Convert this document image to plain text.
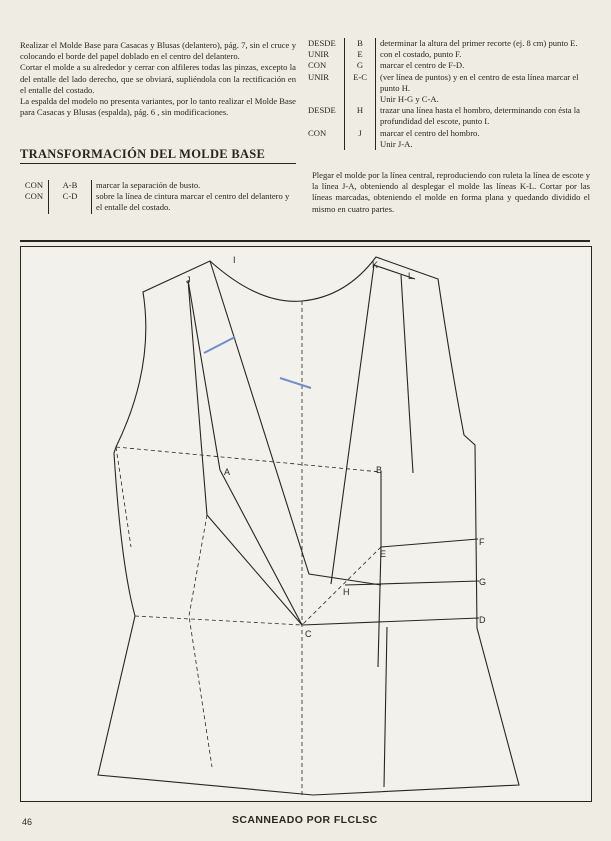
Realizar el Molde Base para Casacas y Blusas (delantero), pág. 7, sin el cruce y colocando el borde del papel doblado en el centro del delantero.

Cortar el molde a su alrededor y cerrar con alfileres todas las pinzas, excepto la del entalle del lado derecho, que se obviará, supliéndola con la rectificación en el entalle del costado.

La espalda del modelo no presenta variantes, por lo tanto realizar el Molde Base para Casacas y Blusas (espalda), pág. 6 , sin modificaciones.

TRANSFORMACIÓN DEL MOLDE BASE
CON	A-B	marcar la separación de busto.
CON	C-D	sobre la línea de cintura marcar el centro del delantero y el entalle del costado.
DESDE	B	determinar la altura del primer recorte (ej. 8 cm) punto E.
UNIR	E	con el costado, punto F.
CON	G	marcar el centro de F-D.
UNIR	E-C	(ver línea de puntos) y en el centro de esta línea marcar el punto H.
		Unir H-G y C-A.
DESDE	H	trazar una línea hasta el hombro, determinando con ésta la profundidad del escote, punto I.
CON	J	marcar el centro del hombro.
		Unir J-A.
Plegar el molde por la línea central, reproduciendo con ruleta la línea de escote y la línea J-A, obteniendo al desplegar el molde las líneas K-L. Cortar por las líneas marcadas, obteniendo el molde en forma plana y quedando dividido el mismo en cuatro partes.
I
J
K
L
A	B
C
D
E
F
G
H
46	SCANNEADO POR FLCLSC
